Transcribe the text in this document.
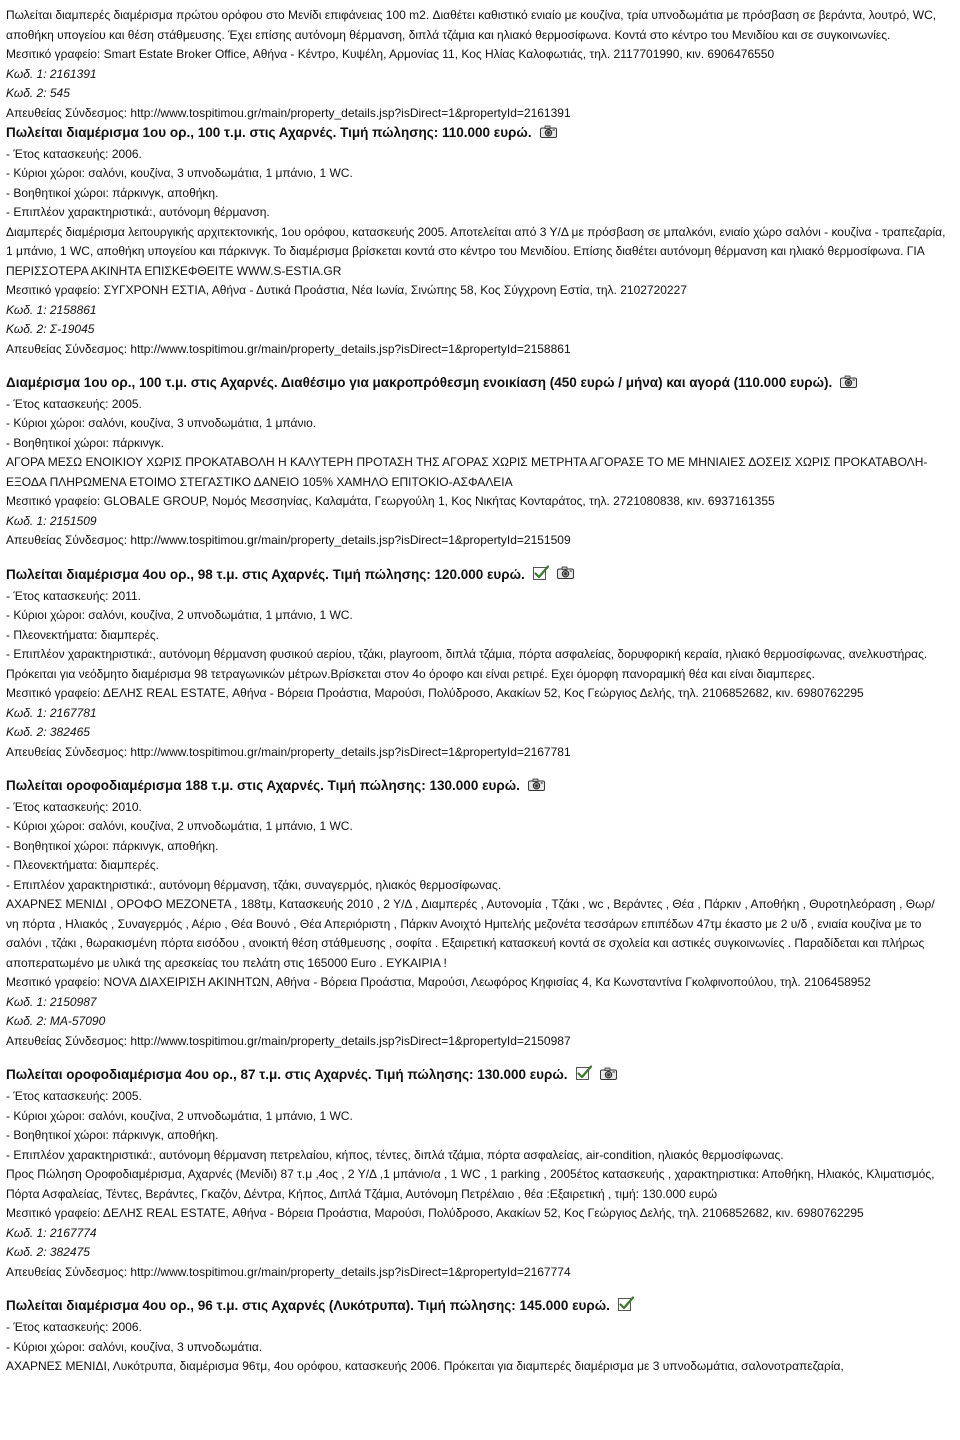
Πωλείται διαμπερές διαμέρισμα πρώτου ορόφου στο Μενίδι επιφάνειας 100 m2. Διαθέτει καθιστικό ενιαίο με κουζίνα, τρία υπνοδωμάτια με πρόσβαση σε βεράντα, λουτρό, WC, αποθήκη υπογείου και θέση στάθμευσης. Έχει επίσης αυτόνομη θέρμανση, διπλά τζάμια και ηλιακό θερμοσίφωνα. Κοντά στο κέντρο του Μενιδίου και σε συγκοινωνίες.
Μεσιτικό γραφείο: Smart Estate Broker Office, Αθήνα - Κέντρο, Κυψέλη, Αρμονίας 11, Κος Ηλίας Καλοφωτιάς, τηλ. 2117701990, κιν. 6906476550
Κωδ. 1: 2161391
Κωδ. 2: 545
Απευθείας Σύνδεσμος: http://www.tospitimou.gr/main/property_details.jsp?isDirect=1&propertyId=2161391
Πωλείται διαμέρισμα 1ου ορ., 100 τ.μ. στις Αχαρνές. Τιμή πώλησης: 110.000 ευρώ.
- Έτος κατασκευής: 2006.
- Κύριοι χώροι: σαλόνι, κουζίνα, 3 υπνοδωμάτια, 1 μπάνιο, 1 WC.
- Βοηθητικοί χώροι: πάρκινγκ, αποθήκη.
- Επιπλέον χαρακτηριστικά:, αυτόνομη θέρμανση.
Διαμπερές διαμέρισμα λειτουργικής αρχιτεκτονικής, 1ου ορόφου, κατασκευής 2005. Αποτελείται από 3 Υ/Δ με πρόσβαση σε μπαλκόνι, ενιαίο χώρο σαλόνι - κουζίνα - τραπεζαρία, 1 μπάνιο, 1 WC, αποθήκη υπογείου και πάρκινγκ. Το διαμέρισμα βρίσκεται κοντά στο κέντρο του Μενιδίου. Επίσης διαθέτει αυτόνομη θέρμανση και ηλιακό θερμοσίφωνα. ΓΙΑ ΠΕΡΙΣΣΟΤΕΡΑ ΑΚΙΝΗΤΑ ΕΠΙΣΚΕΦΘΕΙΤΕ WWW.S-ESTIA.GR
Μεσιτικό γραφείο: ΣΥΓΧΡΟΝΗ ΕΣΤΙΑ, Αθήνα - Δυτικά Προάστια, Νέα Ιωνία, Σινώπης 58, Κος Σύγχρονη Εστία, τηλ. 2102720227
Κωδ. 1: 2158861
Κωδ. 2: Σ-19045
Απευθείας Σύνδεσμος: http://www.tospitimou.gr/main/property_details.jsp?isDirect=1&propertyId=2158861
Διαμέρισμα 1ου ορ., 100 τ.μ. στις Αχαρνές. Διαθέσιμο για μακροπρόθεσμη ενοικίαση (450 ευρώ / μήνα) και αγορά (110.000 ευρώ).
- Έτος κατασκευής: 2005.
- Κύριοι χώροι: σαλόνι, κουζίνα, 3 υπνοδωμάτια, 1 μπάνιο.
- Βοηθητικοί χώροι: πάρκινγκ.
ΑΓΟΡΑ ΜΕΣΩ ΕΝΟΙΚΙΟΥ ΧΩΡΙΣ ΠΡΟΚΑΤΑΒΟΛΗ Η ΚΑΛΥΤΕΡΗ ΠΡΟΤΑΣΗ ΤΗΣ ΑΓΟΡΑΣ ΧΩΡΙΣ ΜΕΤΡΗΤΑ ΑΓΟΡΑΣΕ ΤΟ ΜΕ ΜΗΝΙΑΙΕΣ ΔΟΣΕΙΣ ΧΩΡΙΣ ΠΡΟΚΑΤΑΒΟΛΗ-ΕΞΟΔΑ ΠΛΗΡΩΜΕΝΑ ΕΤΟΙΜΟ ΣΤΕΓΑΣΤΙΚΟ ΔΑΝΕΙΟ 105% ΧΑΜΗΛΟ ΕΠΙΤΟΚΙΟ-ΑΣΦΑΛΕΙΑ
Μεσιτικό γραφείο: GLOBALE GROUP, Νομός Μεσσηνίας, Καλαμάτα, Γεωργούλη 1, Κος Νικήτας Κονταράτος, τηλ. 2721080838, κιν. 6937161355
Κωδ. 1: 2151509
Απευθείας Σύνδεσμος: http://www.tospitimou.gr/main/property_details.jsp?isDirect=1&propertyId=2151509
Πωλείται διαμέρισμα 4ου ορ., 98 τ.μ. στις Αχαρνές. Τιμή πώλησης: 120.000 ευρώ.
- Έτος κατασκευής: 2011.
- Κύριοι χώροι: σαλόνι, κουζίνα, 2 υπνοδωμάτια, 1 μπάνιο, 1 WC.
- Πλεονεκτήματα: διαμπερές.
- Επιπλέον χαρακτηριστικά:, αυτόνομη θέρμανση φυσικού αερίου, τζάκι, playroom, διπλά τζάμια, πόρτα ασφαλείας, δορυφορική κεραία, ηλιακό θερμοσίφωνας, ανελκυστήρας.
Πρόκειται για νεόδμητο διαμέρισμα 98 τετραγωνικών μέτρων.Βρίσκεται στον 4ο όροφο και είναι ρετιρέ. Εχει όμορφη πανοραμική θέα και είναι διαμπερες.
Μεσιτικό γραφείο: ΔΕΛΗΣ REAL ESTATE, Αθήνα - Βόρεια Προάστια, Μαρούσι, Πολύδροσο, Ακακίων 52, Κος Γεώργιος Δελής, τηλ. 2106852682, κιν. 6980762295
Κωδ. 1: 2167781
Κωδ. 2: 382465
Απευθείας Σύνδεσμος: http://www.tospitimou.gr/main/property_details.jsp?isDirect=1&propertyId=2167781
Πωλείται οροφοδιαμέρισμα 188 τ.μ. στις Αχαρνές. Τιμή πώλησης: 130.000 ευρώ.
- Έτος κατασκευής: 2010.
- Κύριοι χώροι: σαλόνι, κουζίνα, 2 υπνοδωμάτια, 1 μπάνιο, 1 WC.
- Βοηθητικοί χώροι: πάρκινγκ, αποθήκη.
- Πλεονεκτήματα: διαμπερές.
- Επιπλέον χαρακτηριστικά:, αυτόνομη θέρμανση, τζάκι, συναγερμός, ηλιακός θερμοσίφωνας.
ΑΧΑΡΝΕΣ ΜΕΝΙΔΙ , ΟΡΟΦΟ ΜΕΖΟΝΕΤΑ , 188τμ, Κατασκευής 2010 , 2 Υ/Δ , Διαμπερές , Αυτονομία , Τζάκι , wc , Βεράντες , Θέα , Πάρκιν , Αποθήκη , Θυροτηλεόραση , Θωρ/νη πόρτα , Ηλιακός , Συναγερμός , Αέριο , Θέα Βουνό , Θέα Απεριόριστη , Πάρκιν Ανοιχτό Ημιτελής μεζονέτα τεσσάρων επιπέδων 47τμ έκαστο με 2 υ/δ , ενιαία κουζίνα με το σαλόνι , τζάκι , θωρακισμένη πόρτα εισόδου , ανοικτή θέση στάθμευσης , σοφίτα . Εξαιρετική κατασκευή κοντά σε σχολεία και αστικές συγκοινωνίες . Παραδίδεται και πλήρως αποπερατωμένο με υλικά της αρεσκείας του πελάτη στις 165000 Euro . ΕΥΚΑΙΡΙΑ !
Μεσιτικό γραφείο: NOVA ΔΙΑΧΕΙΡΙΣΗ ΑΚΙΝΗΤΩΝ, Αθήνα - Βόρεια Προάστια, Μαρούσι, Λεωφόρος Κηφισίας 4, Κα Κωνσταντίνα Γκολφινοπούλου, τηλ. 2106458952
Κωδ. 1: 2150987
Κωδ. 2: MA-57090
Απευθείας Σύνδεσμος: http://www.tospitimou.gr/main/property_details.jsp?isDirect=1&propertyId=2150987
Πωλείται οροφοδιαμέρισμα 4ου ορ., 87 τ.μ. στις Αχαρνές. Τιμή πώλησης: 130.000 ευρώ.
- Έτος κατασκευής: 2005.
- Κύριοι χώροι: σαλόνι, κουζίνα, 2 υπνοδωμάτια, 1 μπάνιο, 1 WC.
- Βοηθητικοί χώροι: πάρκινγκ, αποθήκη.
- Επιπλέον χαρακτηριστικά:, αυτόνομη θέρμανση πετρελαίου, κήπος, τέντες, διπλά τζάμια, πόρτα ασφαλείας, air-condition, ηλιακός θερμοσίφωνας.
Προς Πώληση Οροφοδιαμέρισμα, Αχαρνές (Μενίδι) 87 τ.μ ,4ος , 2 Υ/Δ ,1 μπάνιο/α , 1 WC , 1 parking , 2005έτος κατασκευής , χαρακτηριστικα: Αποθήκη, Ηλιακός, Κλιματισμός, Πόρτα Ασφαλείας, Τέντες, Βεράντες, Γκαζόν, Δέντρα, Κήπος, Διπλά Τζάμια, Αυτόνομη Πετρέλαιο , θέα :Εξαιρετική , τιμή: 130.000 ευρώ
Μεσιτικό γραφείο: ΔΕΛΗΣ REAL ESTATE, Αθήνα - Βόρεια Προάστια, Μαρούσι, Πολύδροσο, Ακακίων 52, Κος Γεώργιος Δελής, τηλ. 2106852682, κιν. 6980762295
Κωδ. 1: 2167774
Κωδ. 2: 382475
Απευθείας Σύνδεσμος: http://www.tospitimou.gr/main/property_details.jsp?isDirect=1&propertyId=2167774
Πωλείται διαμέρισμα 4ου ορ., 96 τ.μ. στις Αχαρνές (Λυκότρυπα). Τιμή πώλησης: 145.000 ευρώ.
- Έτος κατασκευής: 2006.
- Κύριοι χώροι: σαλόνι, κουζίνα, 3 υπνοδωμάτια.
ΑΧΑΡΝΕΣ ΜΕΝΙΔΙ, Λυκότρυπα, διαμέρισμα 96τμ, 4ου ορόφου, κατασκευής 2006. Πρόκειται για διαμπερές διαμέρισμα με 3 υπνοδωμάτια, σαλονοτραπεζαρία,
